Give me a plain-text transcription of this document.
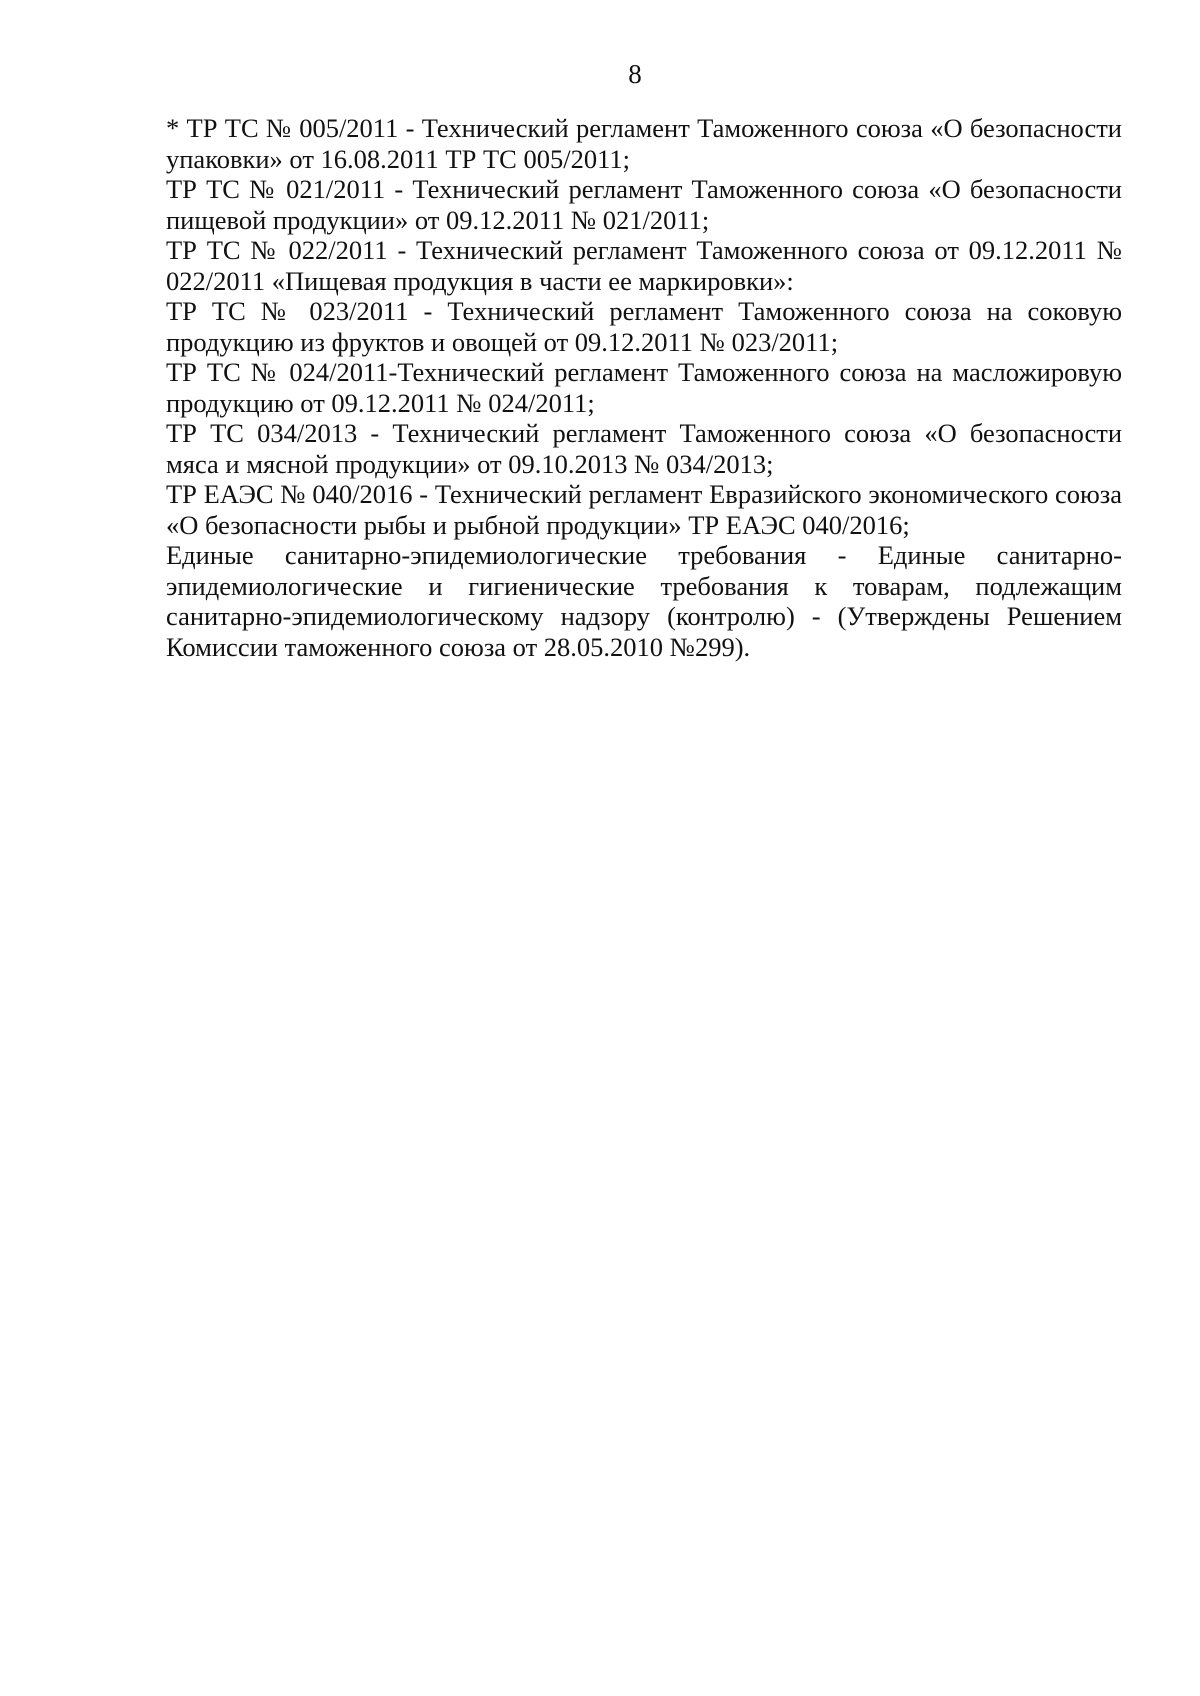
8

* ТР ТС № 005/2011 - Технический регламент Таможенного союза «О безопасности упаковки» от 16.08.2011 ТР ТС 005/2011;

ТР ТС № 021/2011 - Технический регламент Таможенного союза «О безопасности пищевой продукции» от 09.12.2011 № 021/2011;

ТР ТС № 022/2011 - Технический регламент Таможенного союза от 09.12.2011 № 022/2011 «Пищевая продукция в части ее маркировки»:

ТР ТС № 023/2011 - Технический регламент Таможенного союза на соковую продукцию из фруктов и овощей от 09.12.2011 № 023/2011;

ТР ТС № 024/2011-Технический регламент Таможенного союза на масложировую продукцию от 09.12.2011 № 024/2011;

ТР ТС 034/2013 - Технический регламент Таможенного союза «О безопасности мяса и мясной продукции» от 09.10.2013 № 034/2013;

ТР ЕАЭС № 040/2016 - Технический регламент Евразийского экономического союза «О безопасности рыбы и рыбной продукции» ТР ЕАЭС 040/2016;

Единые санитарно-эпидемиологические требования - Единые санитарно-эпидемиологические и гигиенические требования к товарам, подлежащим санитарно-эпидемиологическому надзору (контролю) - (Утверждены Решением Комиссии таможенного союза от 28.05.2010 №299).
